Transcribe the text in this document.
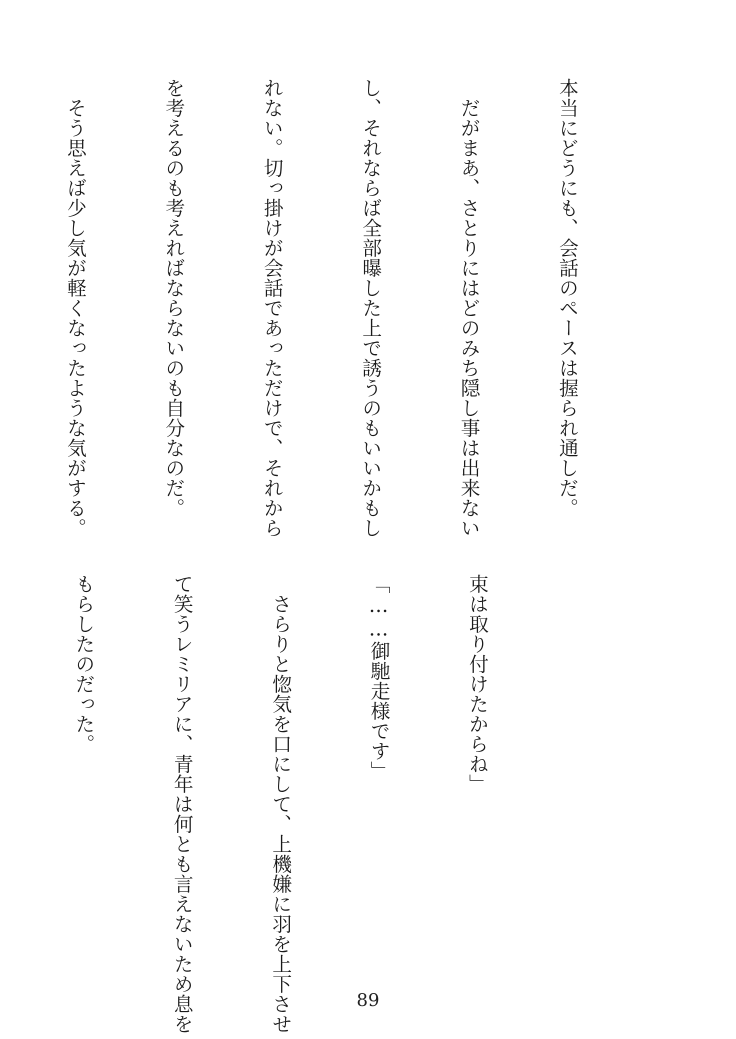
本当にどうにも、会話のペースは握られ通しだ。

　だがまあ、さとりにはどのみち隠し事は出来ない

し、それならば全部曝した上で誘うのもいいかもし

れない。切っ掛けが会話であっただけで、それから

を考えるのも考えればならないのも自分なのだ。

　そう思えば少し気が軽くなったような気がする。

束は取り付けたからね」

「……御馳走様です」

　さらりと惚気を口にして、上機嫌に羽を上下させ

て笑うレミリアに、青年は何とも言えないため息を

もらしたのだった。

89
